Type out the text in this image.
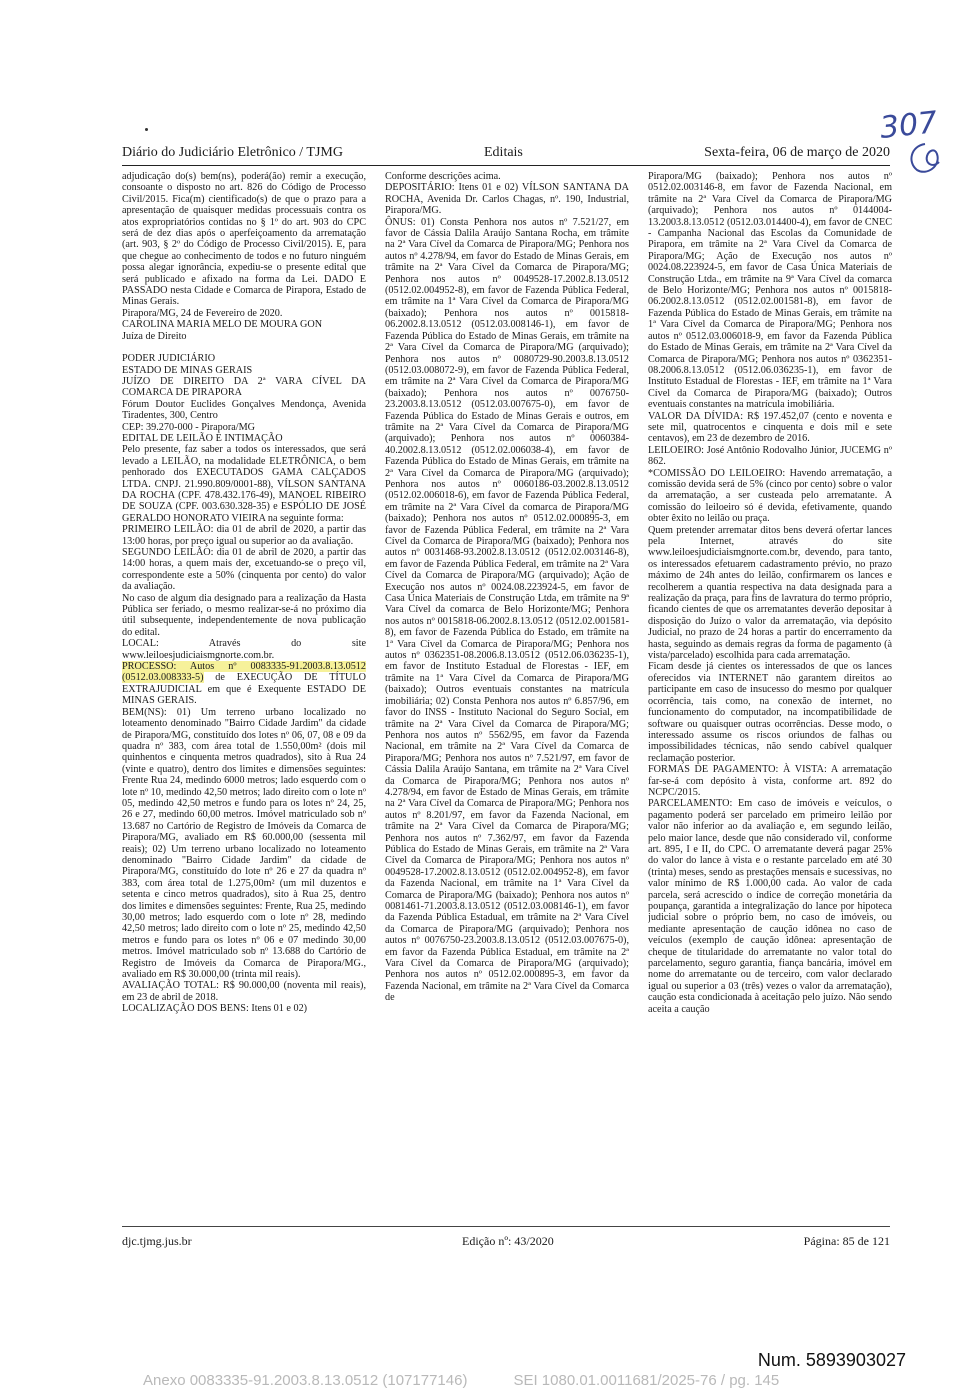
307
Diário do Judiciário Eletrônico / TJMG	Editais	Sexta-feira, 06 de março de 2020

adjudicação do(s) bem(ns), poderá(ão) remir a execução, consoante o disposto no art. 826 do Código de Processo Civil/2015. Fica(m) cientificado(s) de que o prazo para a apresentação de quaisquer medidas processuais contra os atos expropriatórios contidas no § 1º do art. 903 do CPC será de dez dias após o aperfeiçoamento da arrematação (art. 903, § 2º do Código de Processo Civil/2015). E, para que chegue ao conhecimento de todos e no futuro ninguém possa alegar ignorância, expediu-se o presente edital que será publicado e afixado na forma da Lei. DADO E PASSADO nesta Cidade e Comarca de Pirapora, Estado de Minas Gerais.

Pirapora/MG, 24 de Fevereiro de 2020.

CAROLINA MARIA MELO DE MOURA GON

Juíza de Direito

PODER JUDICIÁRIO

ESTADO DE MINAS GERAIS

JUÍZO DE DIREITO DA 2ª VARA CÍVEL DA COMARCA DE PIRAPORA

Fórum Doutor Euclides Gonçalves Mendonça, Avenida Tiradentes, 300, Centro

CEP: 39.270-000 - Pirapora/MG

EDITAL DE LEILÃO E INTIMAÇÃO

Pelo presente, faz saber a todos os interessados, que será levado a LEILÃO, na modalidade ELETRÔNICA, o bem penhorado dos EXECUTADOS GAMA CALÇADOS LTDA. CNPJ. 21.990.809/0001-88), VÍLSON SANTANA DA ROCHA (CPF. 478.432.176-49), MANOEL RIBEIRO DE SOUZA (CPF. 003.630.328-35) e ESPÓLIO DE JOSÉ GERALDO HONORATO VIEIRA na seguinte forma:

PRIMEIRO LEILÃO: dia 01 de abril de 2020, a partir das 13:00 horas, por preço igual ou superior ao da avaliação.

SEGUNDO LEILÃO: dia 01 de abril de 2020, a partir das 14:00 horas, a quem mais der, excetuando-se o preço vil, correspondente este a 50% (cinquenta por cento) do valor da avaliação.

No caso de algum dia designado para a realização da Hasta Pública ser feriado, o mesmo realizar-se-á no próximo dia útil subsequente, independentemente de nova publicação do edital.

LOCAL: Através do site www.leiloesjudiciaismgnorte.com.br.

PROCESSO: Autos nº 0083335-91.2003.8.13.0512 (0512.03.008333-5) de EXECUÇÃO DE TÍTULO EXTRAJUDICIAL em que é Exequente ESTADO DE MINAS GERAIS.

BEM(NS): 01) Um terreno urbano localizado no loteamento denominado "Bairro Cidade Jardim" da cidade de Pirapora/MG, constituído dos lotes nº 06, 07, 08 e 09 da quadra nº 383, com área total de 1.550,00m² (dois mil quinhentos e cinquenta metros quadrados), sito à Rua 24 (vinte e quatro), dentro dos limites e dimensões seguintes: Frente Rua 24, medindo 6000 metros; lado esquerdo com o lote nº 10, medindo 42,50 metros; lado direito com o lote nº 05, medindo 42,50 metros e fundo para os lotes nº 24, 25, 26 e 27, medindo 60,00 metros. Imóvel matriculado sob nº 13.687 no Cartório de Registro de Imóveis da Comarca de Pirapora/MG, avaliado em R$ 60.000,00 (sessenta mil reais); 02) Um terreno urbano localizado no loteamento denominado "Bairro Cidade Jardim" da cidade de Pirapora/MG, constituído do lote nº 26 e 27 da quadra nº 383, com área total de 1.275,00m² (um mil duzentos e setenta e cinco metros quadrados), sito à Rua 25, dentro dos limites e dimensões seguintes: Frente, Rua 25, medindo 30,00 metros; lado esquerdo com o lote nº 28, medindo 42,50 metros; lado direito com o lote nº 25, medindo 42,50 metros e fundo para os lotes nº 06 e 07 medindo 30,00 metros. Imóvel matriculado sob nº 13.688 do Cartório de Registro de Imóveis da Comarca de Pirapora/MG., avaliado em R$ 30.000,00 (trinta mil reais).

AVALIAÇÃO TOTAL: R$ 90.000,00 (noventa mil reais), em 23 de abril de 2018.

LOCALIZAÇÃO DOS BENS: Itens 01 e 02)

Conforme descrições acima.

DEPOSITÁRIO: Itens 01 e 02) VÍLSON SANTANA DA ROCHA, Avenida Dr. Carlos Chagas, nº. 190, Industrial, Pirapora/MG.

ÔNUS: 01) Consta Penhora nos autos nº 7.521/27, em favor de Cássia Dalila Araújo Santana Rocha, em trâmite na 2ª Vara Cível da Comarca de Pirapora/MG; Penhora nos autos nº 4.278/94, em favor do Estado de Minas Gerais, em trâmite na 2ª Vara Cível da Comarca de Pirapora/MG; Penhora nos autos nº 0049528-17.2002.8.13.0512 (0512.02.004952-8), em favor de Fazenda Pública Federal, em trâmite na 1ª Vara Cível da Comarca de Pirapora/MG (baixado); Penhora nos autos nº 0015818-06.2002.8.13.0512 (0512.03.008146-1), em favor de Fazenda Pública do Estado de Minas Gerais, em trâmite na 2ª Vara Cível da Comarca de Pirapora/MG (arquivado); Penhora nos autos nº 0080729-90.2003.8.13.0512 (0512.03.008072-9), em favor de Fazenda Pública Federal, em trâmite na 2ª Vara Cível da Comarca de Pirapora/MG (baixado); Penhora nos autos nº 0076750-23.2003.8.13.0512 (0512.03.007675-0), em favor de Fazenda Pública do Estado de Minas Gerais e outros, em trâmite na 2ª Vara Cível da Comarca de Pirapora/MG (arquivado); Penhora nos autos nº 0060384-40.2002.8.13.0512 (0512.02.006038-4), em favor de Fazenda Pública do Estado de Minas Gerais, em trâmite na 2ª Vara Cível da Comarca de Pirapora/MG (arquivado); Penhora nos autos nº 0060186-03.2002.8.13.0512 (0512.02.006018-6), em favor de Fazenda Pública Federal, em trâmite na 2ª Vara Cível da comarca de Pirapora/MG (baixado); Penhora nos autos nº 0512.02.000895-3, em favor de Fazenda Pública Federal, em trâmite na 2ª Vara Cível da Comarca de Pirapora/MG (baixado); Penhora nos autos nº 0031468-93.2002.8.13.0512 (0512.02.003146-8), em favor de Fazenda Pública Federal, em trâmite na 2ª Vara Cível da Comarca de Pirapora/MG (arquivado); Ação de Execução nos autos nº 0024.08.223924-5, em favor de Casa Única Materiais de Construção Ltda, em trâmite na 9ª Vara Cível da comarca de Belo Horizonte/MG; Penhora nos autos nº 0015818-06.2002.8.13.0512 (0512.02.001581-8), em favor de Fazenda Pública do Estado, em trâmite na 1ª Vara Cível da Comarca de Pirapora/MG; Penhora nos autos nº 0362351-08.2006.8.13.0512 (0512.06.036235-1), em favor de Instituto Estadual de Florestas - IEF, em trâmite na 1ª Vara Cível da Comarca de Pirapora/MG (baixado); Outros eventuais constantes na matrícula imobiliária; 02) Consta Penhora nos autos nº 6.857/96, em favor do INSS - Instituto Nacional do Seguro Social, em trâmite na 2ª Vara Cível da Comarca de Pirapora/MG; Penhora nos autos nº 5562/95, em favor da Fazenda Nacional, em trâmite na 2ª Vara Cível da Comarca de Pirapora/MG; Penhora nos autos nº 7.521/97, em favor de Cássia Dalila Araújo Santana, em trâmite na 2ª Vara Cível da Comarca de Pirapora/MG; Penhora nos autos nº 4.278/94, em favor de Estado de Minas Gerais, em trâmite na 2ª Vara Cível da Comarca de Pirapora/MG; Penhora nos autos nº 8.201/97, em favor da Fazenda Nacional, em trâmite na 2ª Vara Cível da Comarca de Pirapora/MG; Penhora nos autos nº 7.362/97, em favor da Fazenda Pública do Estado de Minas Gerais, em trâmite na 2ª Vara Cível da Comarca de Pirapora/MG; Penhora nos autos nº 0049528-17.2002.8.13.0512 (0512.02.004952-8), em favor da Fazenda Nacional, em trâmite na 1ª Vara Cível da Comarca de Pirapora/MG (baixado); Penhora nos autos nº 0081461-71.2003.8.13.0512 (0512.03.008146-1), em favor da Fazenda Pública Estadual, em trâmite na 2ª Vara Cível da Comarca de Pirapora/MG (arquivado); Penhora nos autos nº 0076750-23.2003.8.13.0512 (0512.03.007675-0), em favor da Fazenda Pública Estadual, em trâmite na 2ª Vara Cível da Comarca de Pirapora/MG (arquivado); Penhora nos autos nº 0512.02.000895-3, em favor da Fazenda Nacional, em trâmite na 2ª Vara Cível da Comarca de

Pirapora/MG (baixado); Penhora nos autos nº 0512.02.003146-8, em favor de Fazenda Nacional, em trâmite na 2ª Vara Cível da Comarca de Pirapora/MG (arquivado); Penhora nos autos nº 0144004-13.2003.8.13.0512 (0512.03.014400-4), em favor de CNEC - Campanha Nacional das Escolas da Comunidade de Pirapora, em trâmite na 2ª Vara Cível da Comarca de Pirapora/MG; Ação de Execução nos autos nº 0024.08.223924-5, em favor de Casa Única Materiais de Construção Ltda., em trâmite na 9ª Vara Cível da comarca de Belo Horizonte/MG; Penhora nos autos nº 0015818-06.2002.8.13.0512 (0512.02.001581-8), em favor de Fazenda Pública do Estado de Minas Gerais, em trâmite na 1ª Vara Cível da Comarca de Pirapora/MG; Penhora nos autos nº 0512.03.006018-9, em favor da Fazenda Pública do Estado de Minas Gerais, em trâmite na 2ª Vara Cível da Comarca de Pirapora/MG; Penhora nos autos nº 0362351-08.2006.8.13.0512 (0512.06.036235-1), em favor de Instituto Estadual de Florestas - IEF, em trâmite na 1ª Vara Cível da Comarca de Pirapora/MG (baixado); Outros eventuais constantes na matrícula imobiliária.

VALOR DA DÍVIDA: R$ 197.452,07 (cento e noventa e sete mil, quatrocentos e cinquenta e dois mil e sete centavos), em 23 de dezembro de 2016.

LEILOEIRO: José Antônio Rodovalho Júnior, JUCEMG nº 862.

*COMISSÃO DO LEILOEIRO: Havendo arrematação, a comissão devida será de 5% (cinco por cento) sobre o valor da arrematação, a ser custeada pelo arrematante. A comissão do leiloeiro só é devida, efetivamente, quando obter êxito no leilão ou praça.

Quem pretender arrematar ditos bens deverá ofertar lances pela Internet, através do site www.leiloesjudiciaismgnorte.com.br, devendo, para tanto, os interessados efetuarem cadastramento prévio, no prazo máximo de 24h antes do leilão, confirmarem os lances e recolherem a quantia respectiva na data designada para a realização da praça, para fins de lavratura do termo próprio, ficando cientes de que os arrematantes deverão depositar à disposição do Juízo o valor da arrematação, via depósito Judicial, no prazo de 24 horas a partir do encerramento da hasta, seguindo as demais regras da forma de pagamento (à vista/parcelado) escolhida para cada arrematação.

Ficam desde já cientes os interessados de que os lances oferecidos via INTERNET não garantem direitos ao participante em caso de insucesso do mesmo por qualquer ocorrência, tais como, na conexão de internet, no funcionamento do computador, na incompatibilidade de software ou quaisquer outras ocorrências. Desse modo, o interessado assume os riscos oriundos de falhas ou impossibilidades técnicas, não sendo cabível qualquer reclamação posterior.

FORMAS DE PAGAMENTO: À VISTA: A arrematação far-se-á com depósito à vista, conforme art. 892 do NCPC/2015.

PARCELAMENTO: Em caso de imóveis e veículos, o pagamento poderá ser parcelado em primeiro leilão por valor não inferior ao da avaliação e, em segundo leilão, pelo maior lance, desde que não considerado vil, conforme art. 895, I e II, do CPC. O arrematante deverá pagar 25% do valor do lance à vista e o restante parcelado em até 30 (trinta) meses, sendo as prestações mensais e sucessivas, no valor mínimo de R$ 1.000,00 cada. Ao valor de cada parcela, será acrescido o índice de correção monetária da poupança, garantida a integralização do lance por hipoteca judicial sobre o próprio bem, no caso de imóveis, ou mediante apresentação de caução idônea no caso de veículos (exemplo de caução idônea: apresentação de cheque de titularidade do arrematante no valor total do parcelamento, seguro garantia, fiança bancária, imóvel em nome do arrematante ou de terceiro, com valor declarado igual ou superior a 03 (três) vezes o valor da arrematação), caução esta condicionada à aceitação pelo juízo. Não sendo aceita a caução

djc.tjmg.jus.br	Edição nº: 43/2020	Página: 85 de 121
Num. 5893903027
Anexo 0083335-91.2003.8.13.0512 (107177146)	SEI 1080.01.0011681/2025-76 / pg. 145
